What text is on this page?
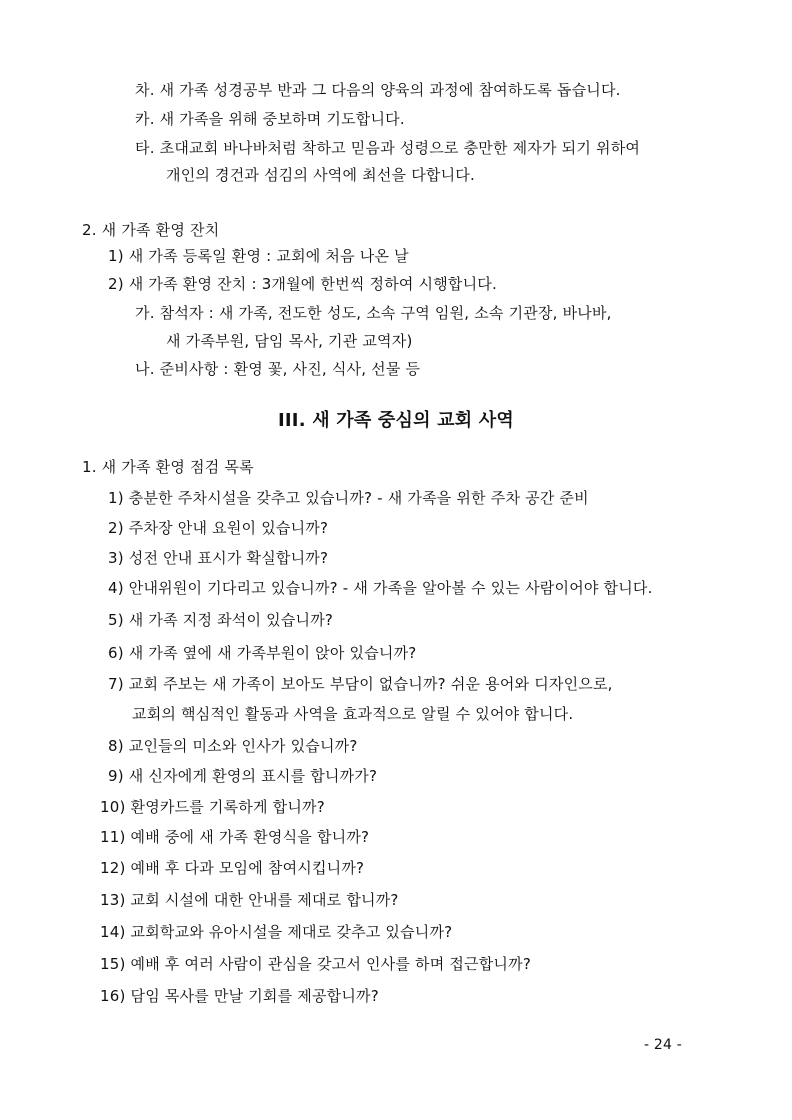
차. 새 가족 성경공부 반과 그 다음의 양육의 과정에 참여하도록 돕습니다.
카. 새 가족을 위해 중보하며 기도합니다.
타. 초대교회 바나바처럼 착하고 믿음과 성령으로 충만한 제자가 되기 위하여
개인의 경건과 섬김의 사역에 최선을 다합니다.
2. 새 가족 환영 잔치
1) 새 가족 등록일 환영 : 교회에 처음 나온 날
2) 새 가족 환영 잔치 : 3개월에 한번씩 정하여 시행합니다.
가. 참석자 : 새 가족, 전도한 성도, 소속 구역 임원, 소속 기관장, 바나바,
새 가족부원, 담임 목사, 기관 교역자)
나. 준비사항 : 환영 꽃, 사진, 식사, 선물 등
III. 새 가족 중심의 교회 사역
1. 새 가족 환영 점검 목록
1) 충분한 주차시설을 갖추고 있습니까? - 새 가족을 위한 주차 공간 준비
2) 주차장 안내 요원이 있습니까?
3) 성전 안내 표시가 확실합니까?
4) 안내위원이 기다리고 있습니까? - 새 가족을 알아볼 수 있는 사람이어야 합니다.
5) 새 가족 지정 좌석이 있습니까?
6) 새 가족 옆에 새 가족부원이 앉아 있습니까?
7) 교회 주보는 새 가족이 보아도 부담이 없습니까? 쉬운 용어와 디자인으로,
교회의 핵심적인 활동과 사역을 효과적으로 알릴 수 있어야 합니다.
8) 교인들의 미소와 인사가 있습니까?
9) 새 신자에게 환영의 표시를 합니까가?
10) 환영카드를 기록하게 합니까?
11) 예배 중에 새 가족 환영식을 합니까?
12) 예배 후 다과 모임에 참여시킵니까?
13) 교회 시설에 대한 안내를 제대로 합니까?
14) 교회학교와 유아시설을 제대로 갖추고 있습니까?
15) 예배 후 여러 사람이 관심을 갖고서 인사를 하며 접근합니까?
16) 담임 목사를 만날 기회를 제공합니까?
- 24 -
